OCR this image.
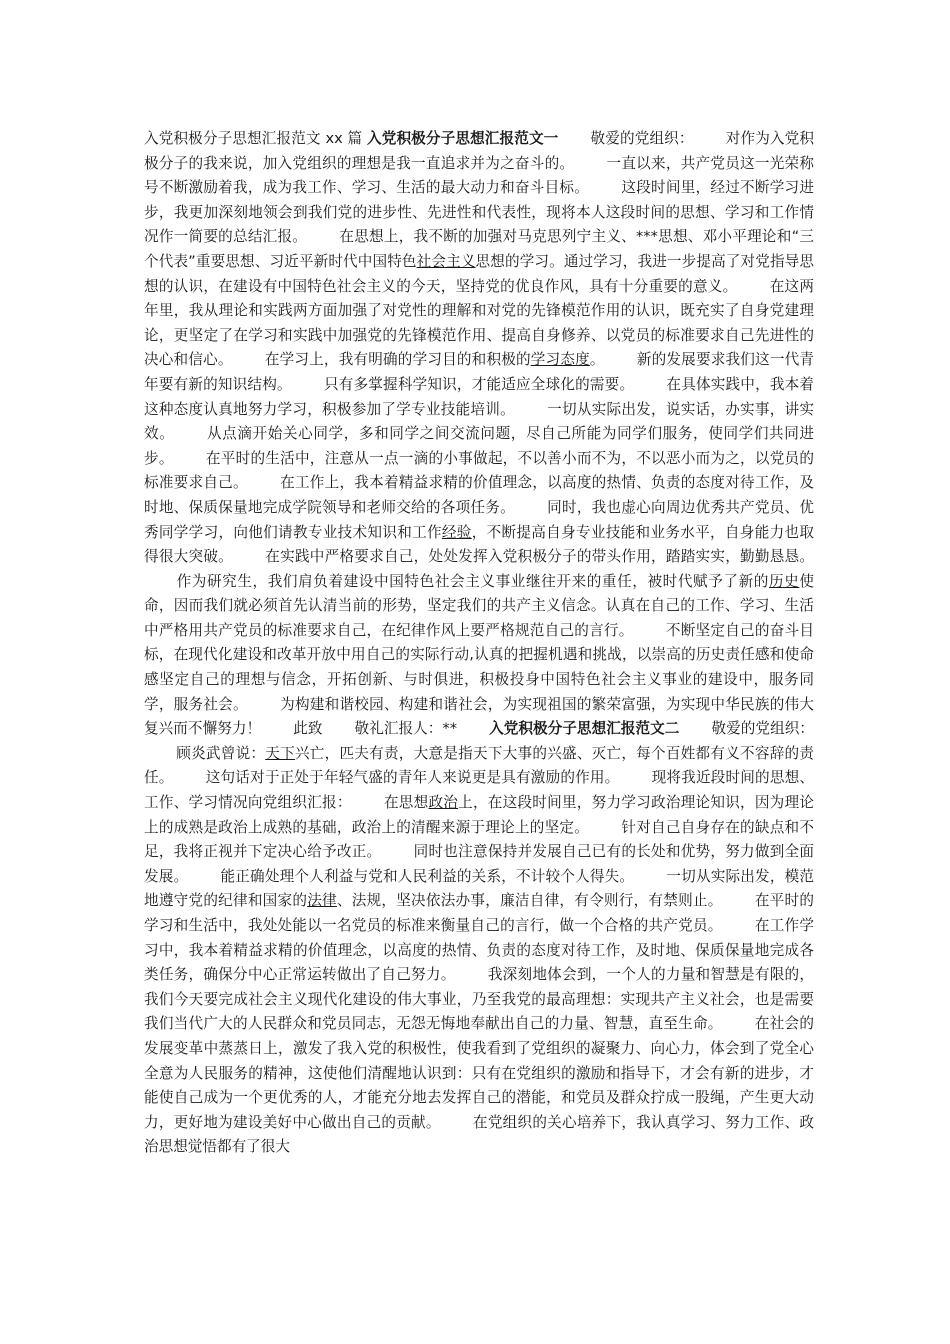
入党积极分子思想汇报范文 xx 篇 入党积极分子思想汇报范文一 敬爱的党组织： 对作为入党积极分子的我来说，加入党组织的理想是我一直追求并为之奋斗的。 一直以来，共产党员这一光荣称号不断激励着我，成为我工作、学习、生活的最大动力和奋斗目标。 这段时间里，经过不断学习进步，我更加深刻地领会到我们党的进步性、先进性和代表性，现将本人这段时间的思想、学习和工作情况作一简要的总结汇报。 在思想上，我不断的加强对马克思列宁主义、***思想、邓小平理论和“三个代表”重要思想、习近平新时代中国特色社会主义思想的学习。通过学习，我进一步提高了对党指导思想的认识，在建设有中国特色社会主义的今天，坚持党的优良作风，具有十分重要的意义。 在这两年里，我从理论和实践两方面加强了对党性的理解和对党的先锋模范作用的认识，既充实了自身党建理论，更坚定了在学习和实践中加强党的先锋模范作用、提高自身修养、以党员的标准要求自己先进性的决心和信心。 在学习上，我有明确的学习目的和积极的学习态度。 新的发展要求我们这一代青年要有新的知识结构。 只有多掌握科学知识，才能适应全球化的需要。 在具体实践中，我本着这种态度认真地努力学习，积极参加了学专业技能培训。 一切从实际出发，说实话，办实事，讲实效。 从点滴开始关心同学，多和同学之间交流问题，尽自己所能为同学们服务，使同学们共同进步。 在平时的生活中，注意从一点一滴的小事做起，不以善小而不为，不以恶小而为之，以党员的标准要求自己。 在工作上，我本着精益求精的价值理念，以高度的热情、负责的态度对待工作，及时地、保质保量地完成学院领导和老师交给的各项任务。 同时，我也虚心向周边优秀共产党员、优秀同学学习，向他们请教专业技术知识和工作经验，不断提高自身专业技能和业务水平，自身能力也取得很大突破。 在实践中严格要求自己，处处发挥入党积极分子的带头作用，踏踏实实，勤勤恳恳。作为研究生，我们肩负着建设中国特色社会主义事业继往开来的重任，被时代赋予了新的历史使命，因而我们就必须首先认清当前的形势，坚定我们的共产主义信念。认真在自己的工作、学习、生活中严格用共产党员的标准要求自己，在纪律作风上要严格规范自己的言行。 不断坚定自己的奋斗目标，在现代化建设和改革开放中用自己的实际行动,认真的把握机遇和挑战，以崇高的历史责任感和使命感坚定自己的理想与信念，开拓创新、与时俱进，积极投身中国特色社会主义事业的建设中，服务同学，服务社会。 为构建和谐校园、构建和谐社会，为实现祖国的繁荣富强，为实现中华民族的伟大复兴而不懈努力！ 此致 敬礼汇报人：** 入党积极分子思想汇报范文二 敬爱的党组织：顾炎武曾说：天下兴亡，匹夫有责，大意是指天下大事的兴盛、灭亡，每个百姓都有义不容辞的责任。 这句话对于正处于年轻气盛的青年人来说更是具有激励的作用。 现将我近段时间的思想、工作、学习情况向党组织汇报： 在思想政治上，在这段时间里，努力学习政治理论知识，因为理论上的成熟是政治上成熟的基础，政治上的清醒来源于理论上的坚定。 针对自己自身存在的缺点和不足，我将正视并下定决心给予改正。 同时也注意保持并发展自己已有的长处和优势，努力做到全面发展。 能正确处理个人利益与党和人民利益的关系，不计较个人得失。 一切从实际出发，模范地遵守党的纪律和国家的法律、法规，坚决依法办事，廉洁自律，有令则行，有禁则止。 在平时的学习和生活中，我处处能以一名党员的标准来衡量自己的言行，做一个合格的共产党员。 在工作学习中，我本着精益求精的价值理念，以高度的热情、负责的态度对待工作，及时地、保质保量地完成各类任务，确保分中心正常运转做出了自己努力。 我深刻地体会到，一个人的力量和智慧是有限的，我们今天要完成社会主义现代化建设的伟大事业，乃至我党的最高理想：实现共产主义社会，也是需要我们当代广大的人民群众和党员同志，无怨无悔地奉献出自己的力量、智慧，直至生命。 在社会的发展变革中蒸蒸日上，激发了我入党的积极性，使我看到了党组织的凝聚力、向心力，体会到了党全心全意为人民服务的精神，这使他们清醒地认识到：只有在党组织的激励和指导下，才会有新的进步，才能使自己成为一个更优秀的人，才能充分地去发挥自己的潜能，和党员及群众拧成一股绳，产生更大动力，更好地为建设美好中心做出自己的贡献。 在党组织的关心培养下，我认真学习、努力工作、政治思想觉悟都有了很大
